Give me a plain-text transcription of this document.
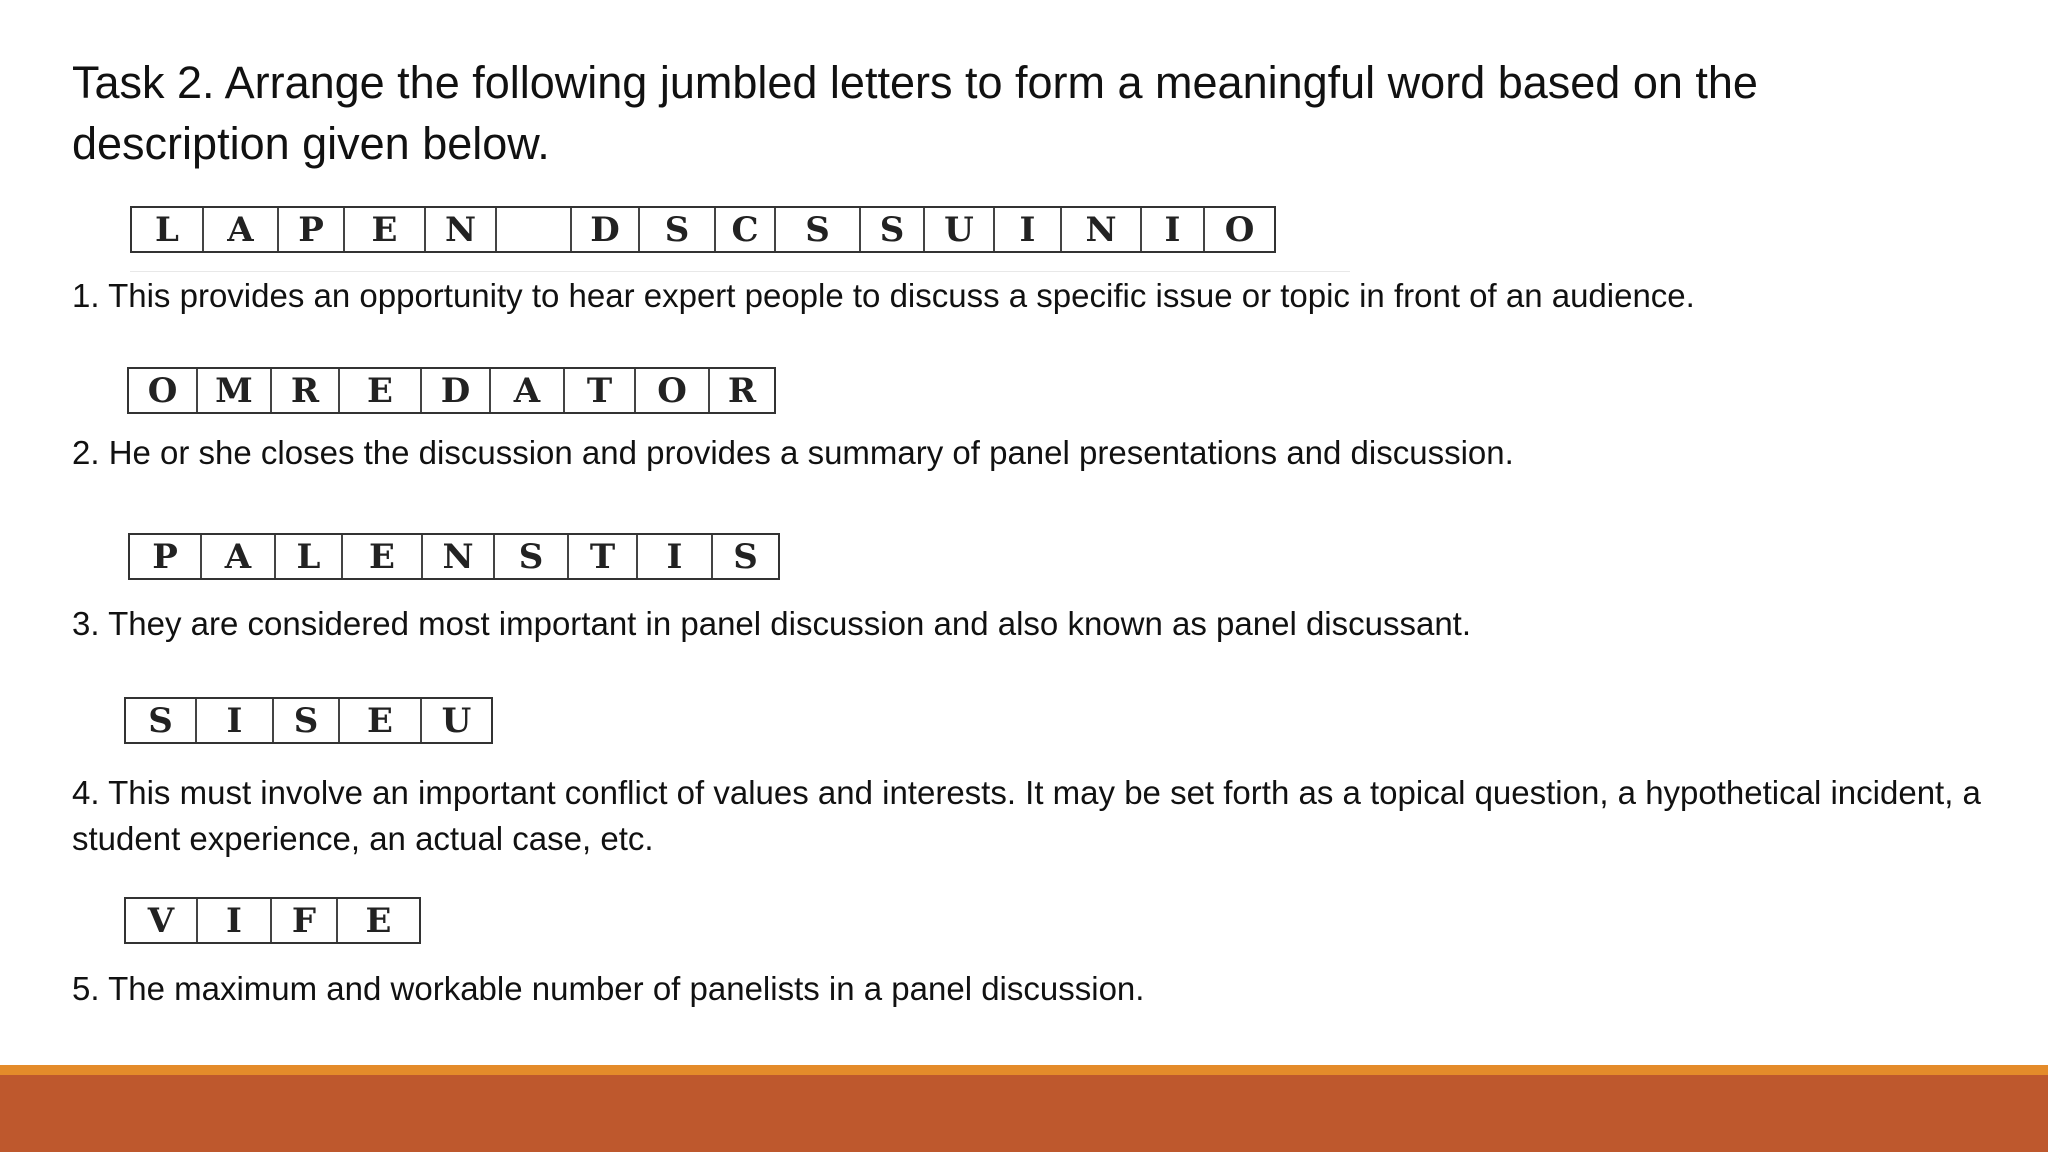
Task 2. Arrange the following jumbled letters to form a meaningful word based on the description given below.
L	A	P	E	N	D	S	C	S	S	U	I	N	I	O
1. This provides an opportunity to hear expert people to discuss a specific issue or topic in front of an audience.
O	M	R	E	D	A	T	O	R
2. He or she closes the discussion and provides a summary of panel presentations and discussion.
P	A	L	E	N	S	T	I	S
3. They are considered most important in panel discussion and also known as panel discussant.
S	I	S	E	U
4. This must involve an important conflict of values and interests. It may be set forth as a topical question, a hypothetical incident, a student experience, an actual case, etc.
V	I	F	E
5. The maximum and workable number of panelists in a panel discussion.
